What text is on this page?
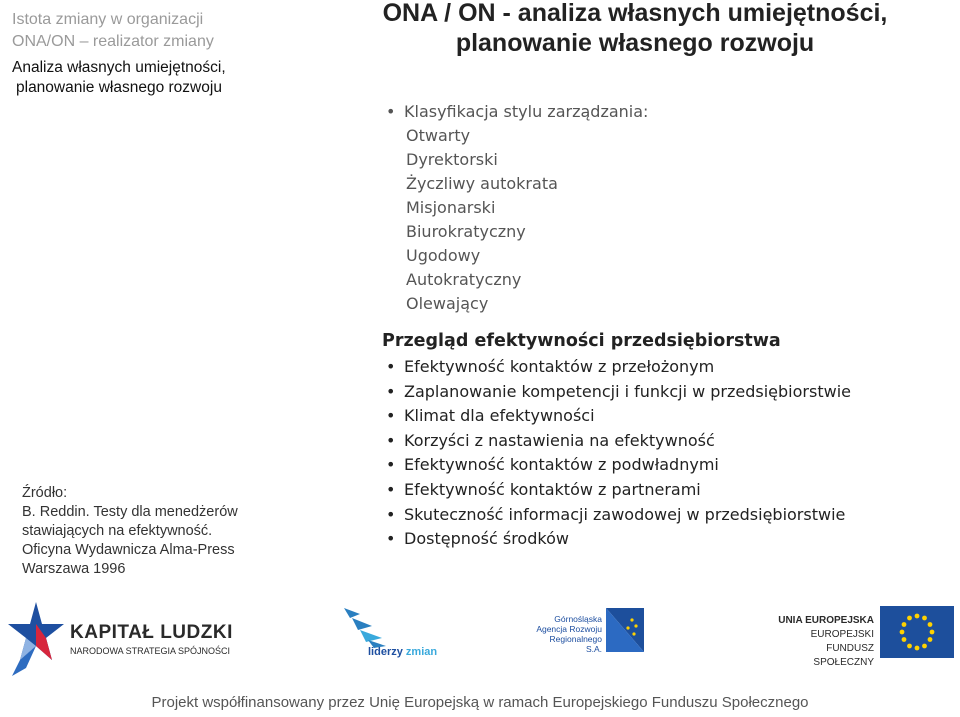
Istota zmiany w organizacji
ONA/ON – realizator zmiany
Analiza własnych umiejętności,
planowanie własnego rozwoju
Źródło:
B. Reddin. Testy dla menedżerów
stawiających na efektywność.
Oficyna Wydawnicza Alma-Press
Warszawa 1996
ONA / ON - analiza własnych umiejętności,
planowanie własnego rozwoju
• Klasyfikacja stylu zarządzania:
Otwarty
Dyrektorski
Życzliwy autokrata
Misjonarski
Biurokratyczny
Ugodowy
Autokratyczny
Olewający
Przegląd efektywności przedsiębiorstwa
• Efektywność kontaktów z przełożonym
• Zaplanowanie kompetencji i funkcji w przedsiębiorstwie
• Klimat dla efektywności
• Korzyści z nastawienia na efektywność
• Efektywność kontaktów z podwładnymi
• Efektywność kontaktów z partnerami
• Skuteczność informacji zawodowej w przedsiębiorstwie
• Dostępność środków
KAPITAŁ LUDZKI
NARODOWA STRATEGIA SPÓJNOŚCI	liderzy zmian
Górnośląska
Agencja Rozwoju
Regionalnego S.A.
UNIA EUROPEJSKA
EUROPEJSKI
FUNDUSZ SPOŁECZNY
Projekt współfinansowany przez Unię Europejską w ramach Europejskiego Funduszu Społecznego
